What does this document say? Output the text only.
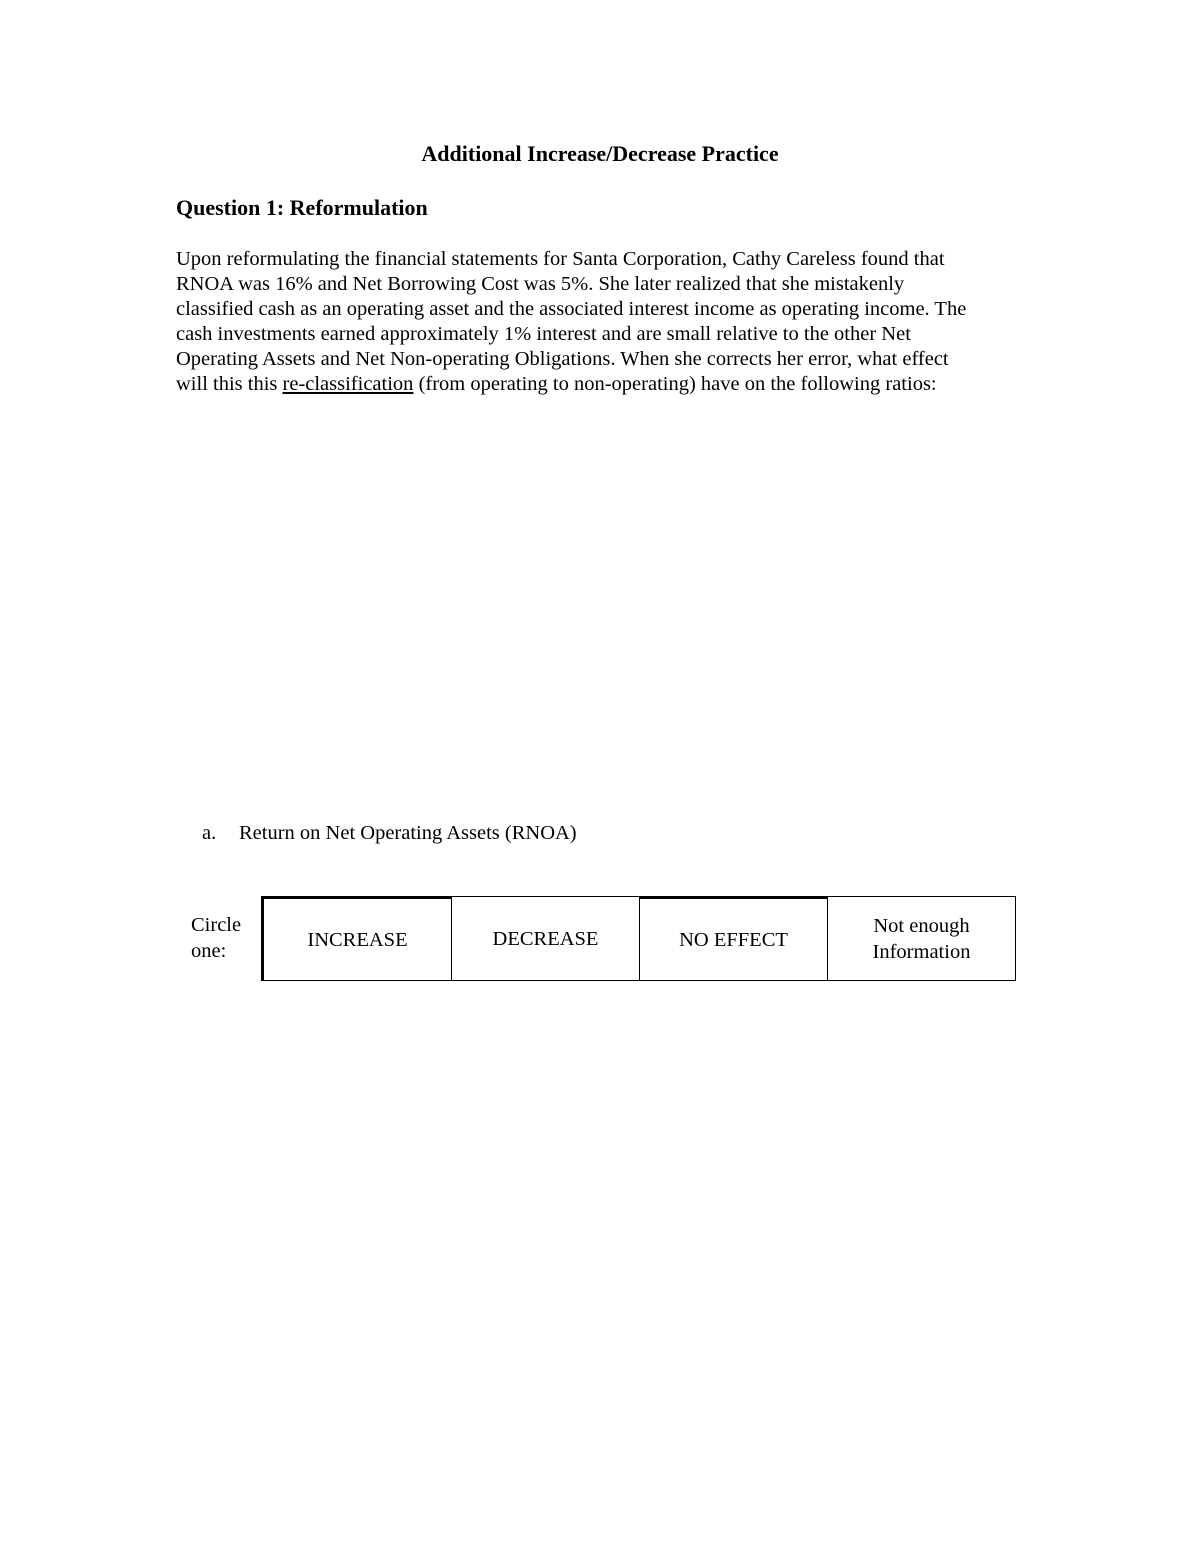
Additional Increase/Decrease Practice
Question 1: Reformulation
Upon reformulating the financial statements for Santa Corporation, Cathy Careless found that
RNOA was 16% and Net Borrowing Cost was 5%. She later realized that she mistakenly
classified cash as an operating asset and the associated interest income as operating income. The
cash investments earned approximately 1% interest and are small relative to the other Net
Operating Assets and Net Non-operating Obligations. When she corrects her error, what effect
will this this re-classification (from operating to non-operating) have on the following ratios:
a. Return on Net Operating Assets (RNOA)
Circle
one:
INCREASE	DECREASE	NO EFFECT
Not enough
Information
